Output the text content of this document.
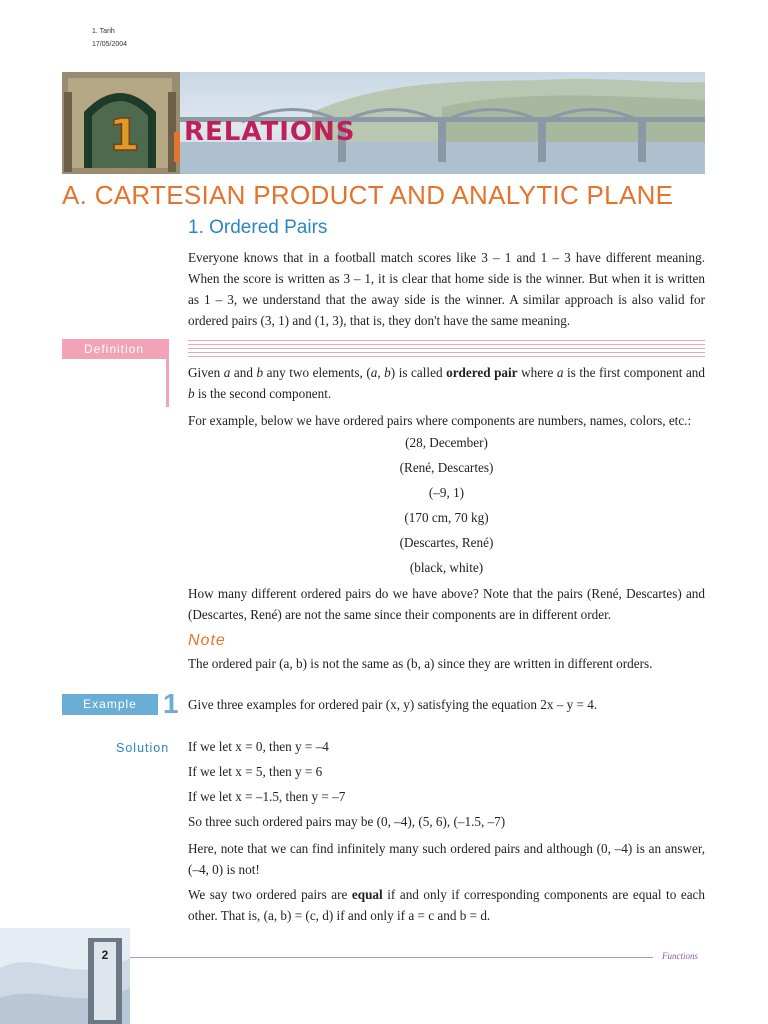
1. Tarih
17/05/2004
1 RELATIONS
A. CARTESIAN PRODUCT AND ANALYTIC PLANE
1. Ordered Pairs
Everyone knows that in a football match scores like 3 – 1 and 1 – 3 have different meaning. When the score is written as 3 – 1, it is clear that home side is the winner. But when it is written as 1 – 3, we understand that the away side is the winner. A similar approach is also valid for ordered pairs (3, 1) and (1, 3), that is, they don't have the same meaning.
Definition
Given a and b any two elements, (a, b) is called ordered pair where a is the first component and b is the second component.
For example, below we have ordered pairs where components are numbers, names, colors, etc.:
(28, December)
(René, Descartes)
(–9, 1)
(170 cm, 70 kg)
(Descartes, René)
(black, white)
How many different ordered pairs do we have above? Note that the pairs (René, Descartes) and (Descartes, René) are not the same since their components are in different order.
Note
The ordered pair (a, b) is not the same as (b, a) since they are written in different orders.
Example 1 Give three examples for ordered pair (x, y) satisfying the equation 2x – y = 4.
Solution If we let x = 0, then y = –4
If we let x = 5, then y = 6
If we let x = –1.5, then y = –7
So three such ordered pairs may be (0, –4), (5, 6), (–1.5, –7)
Here, note that we can find infinitely many such ordered pairs and although (0, –4) is an answer, (–4, 0) is not!
We say two ordered pairs are equal if and only if corresponding components are equal to each other. That is, (a, b) = (c, d) if and only if a = c and b = d.
2	Functions
